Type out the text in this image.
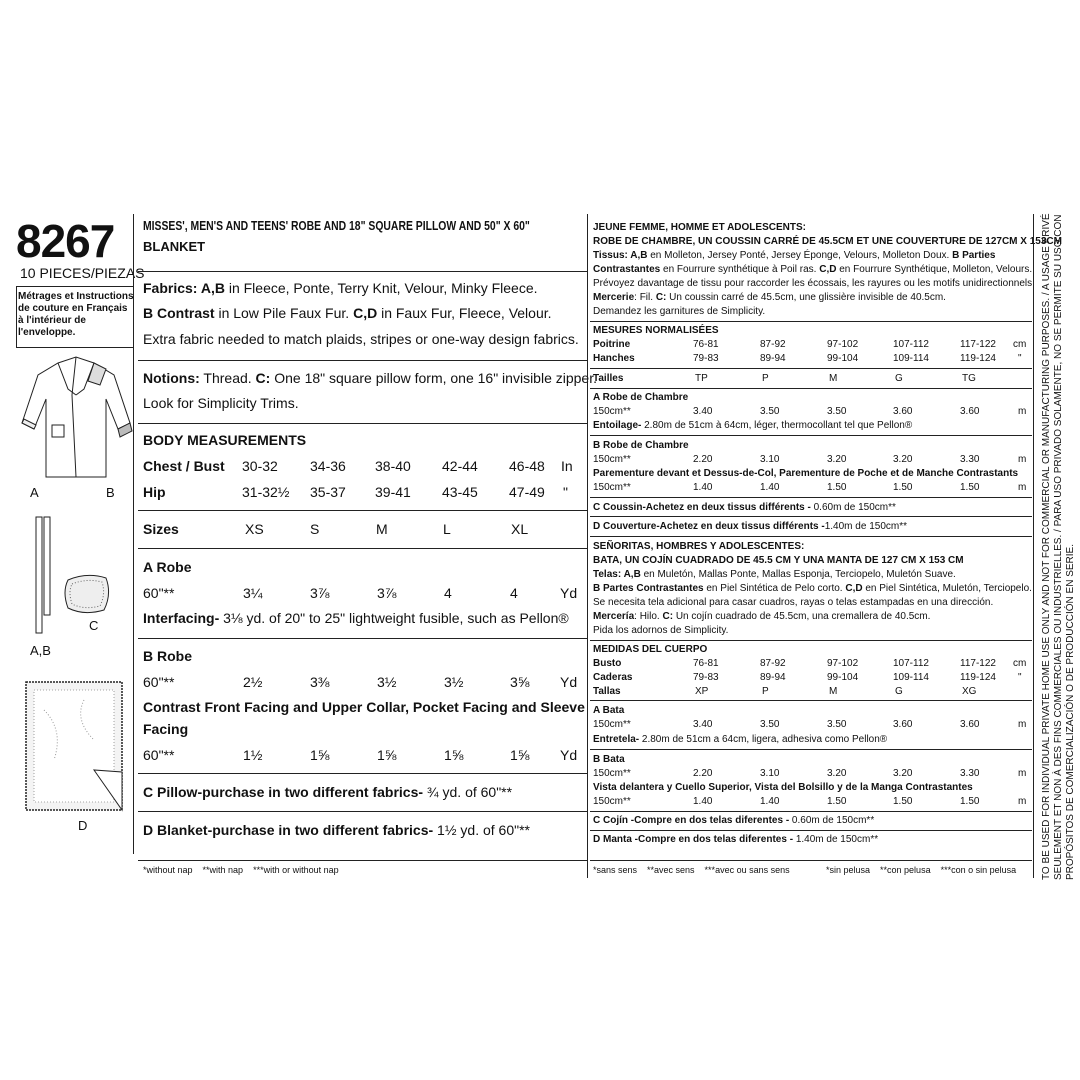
8267
10 PIECES/PIEZAS
Métrages et Instructions
de couture en Français
à l'intérieur de
l'enveloppe.
A	B
C
A,B
D
MISSES', MEN'S AND TEENS' ROBE AND 18" SQUARE PILLOW AND 50" X 60"
BLANKET
Fabrics: A,B in Fleece, Ponte, Terry Knit, Velour, Minky Fleece.
B Contrast in Low Pile Faux Fur. C,D in Faux Fur, Fleece, Velour.
Extra fabric needed to match plaids, stripes or one-way design fabrics.
Notions: Thread. C: One 18" square pillow form, one 16" invisible zipper.
Look for Simplicity Trims.
BODY MEASUREMENTS
Chest / Bust 30-32 34-36 38-40 42-44 46-48 In
Hip	31-32½ 35-37 39-41 43-45 47-49 "
Sizes	XS	S	M	L	XL
A Robe
60"**	3¼	3⅞	3⅞	4	4	Yd
Interfacing- 3⅛ yd. of 20" to 25" lightweight fusible, such as Pellon®
B Robe
60"**	2½	3⅜	3½	3½	3⅝ Yd
Contrast Front Facing and Upper Collar, Pocket Facing and Sleeve
Facing
60"**	1½	1⅝	1⅝	1⅝	1⅝ Yd
C Pillow-purchase in two different fabrics- ¾ yd. of 60"**
D Blanket-purchase in two different fabrics- 1½ yd. of 60"**
*without nap    **with nap    ***with or without nap
JEUNE FEMME, HOMME ET ADOLESCENTS:
ROBE DE CHAMBRE, UN COUSSIN CARRÉ DE 45.5CM ET UNE COUVERTURE DE 127CM X 153CM
Tissus: A,B en Molleton, Jersey Ponté, Jersey Éponge, Velours, Molleton Doux. B Parties
Contrastantes en Fourrure synthétique à Poil ras. C,D en Fourrure Synthétique, Molleton, Velours.
Prévoyez davantage de tissu pour raccorder les écossais, les rayures ou les motifs unidirectionnels.
Mercerie: Fil. C: Un coussin carré de 45.5cm, une glissière invisible de 40.5cm.
Demandez les garnitures de Simplicity.
MESURES NORMALISÉES
Poitrine	76-81	87-92	97-102	107-112	117-122 cm
Hanches	79-83	89-94	99-104	109-114	119-124 "
Tailles	TP	P	M	G	TG
A Robe de Chambre
150cm**	3.40	3.50	3.50	3.60	3.60	m
Entoilage- 2.80m de 51cm à 64cm, léger, thermocollant tel que Pellon®
B Robe de Chambre
150cm**	2.20	3.10	3.20	3.20	3.30	m
Parementure devant et Dessus-de-Col, Parementure de Poche et de Manche Contrastants
150cm**	1.40	1.40	1.50	1.50	1.50	m
C Coussin-Achetez en deux tissus différents - 0.60m de 150cm**
D Couverture-Achetez en deux tissus différents -1.40m de 150cm**
SEÑORITAS, HOMBRES Y ADOLESCENTES:
BATA, UN COJÍN CUADRADO DE 45.5 CM Y UNA MANTA DE 127 CM X 153 CM
Telas: A,B en Muletón, Mallas Ponte, Mallas Esponja, Terciopelo, Muletón Suave.
B Partes Contrastantes en Piel Sintética de Pelo corto. C,D en Piel Sintética, Muletón, Terciopelo.
Se necesita tela adicional para casar cuadros, rayas o telas estampadas en una dirección.
Mercería: Hilo. C: Un cojín cuadrado de 45.5cm, una cremallera de 40.5cm.
Pida los adornos de Simplicity.
MEDIDAS DEL CUERPO
Busto	76-81	87-92	97-102	107-112	117-122 cm
Caderas	79-83	89-94	99-104	109-114	119-124 "
Tallas	XP	P	M	G	XG
A Bata
150cm**	3.40	3.50	3.50	3.60	3.60	m
Entretela- 2.80m de 51cm a 64cm, ligera, adhesiva como Pellon®
B Bata
150cm**	2.20	3.10	3.20	3.20	3.30	m
Vista delantera y Cuello Superior, Vista del Bolsillo y de la Manga Contrastantes
150cm**	1.40	1.40	1.50	1.50	1.50	m
C Cojín -Compre en dos telas diferentes - 0.60m de 150cm**
D Manta -Compre en dos telas diferentes - 1.40m de 150cm**
*sans sens    **avec sens    ***avec ou sans sens	*sin pelusa    **con pelusa    ***con o sin pelusa TO BE USED FOR INDIVIDUAL PRIVATE HOME USE ONLY AND NOT FOR COMMERCIAL OR MANUFACTURING PURPOSES. / A USAGE PRIVÉ SEULEMENT ET NON À DES FINS COMMERCIALES OU INDUSTRIELLES. / PARA USO PRIVADO SOLAMENTE, NO SE PERMITE SU USO CON PROPÓSITOS DE COMERCIALIZACIÓN O DE PRODUCCIÓN EN SERIE.
